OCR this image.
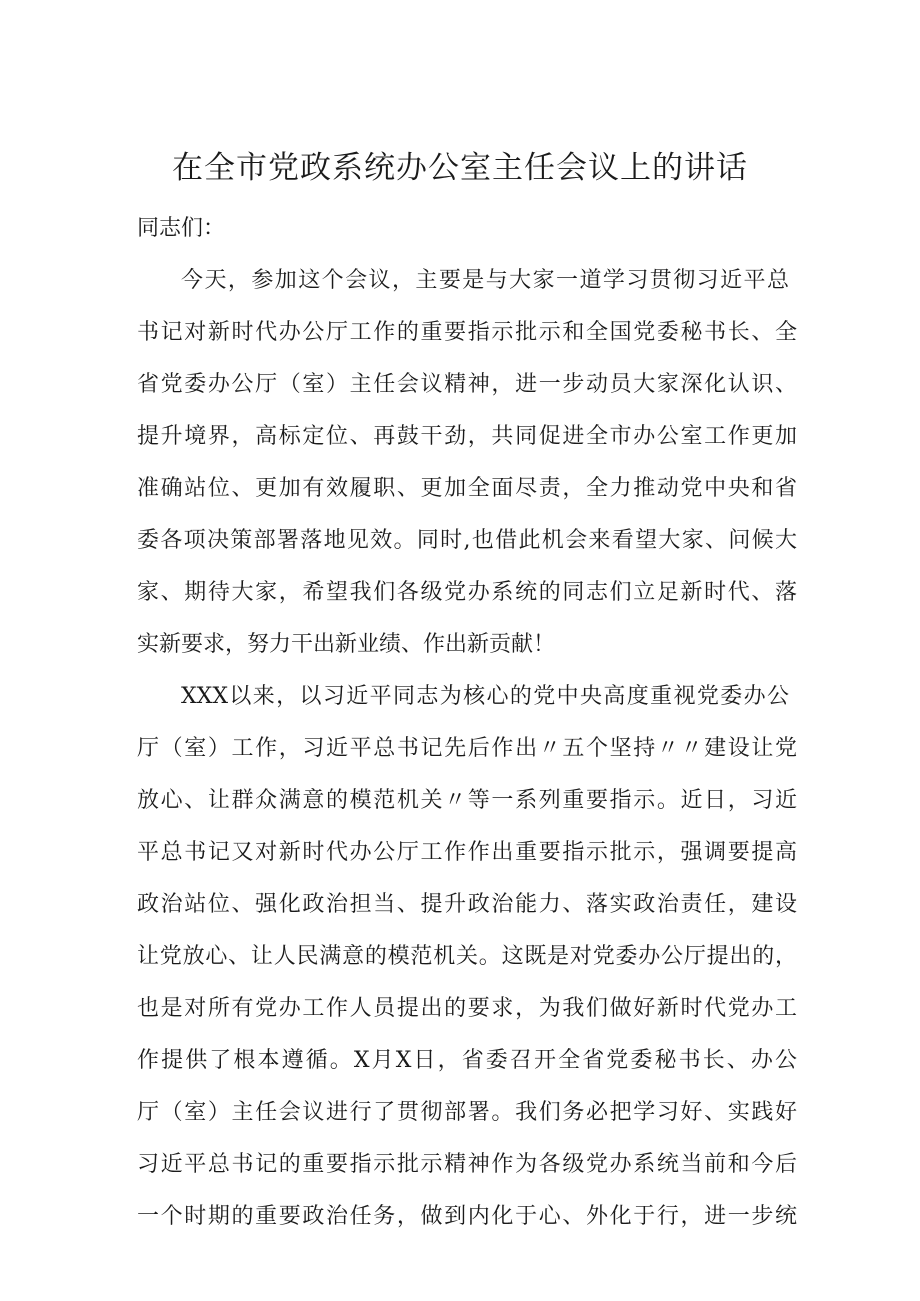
在全市党政系统办公室主任会议上的讲话
同志们：
今天，参加这个会议，主要是与大家一道学习贯彻习近平总
书记对新时代办公厅工作的重要指示批示和全国党委秘书长、全
省党委办公厅（室）主任会议精神，进一步动员大家深化认识、
提升境界，高标定位、再鼓干劲，共同促进全市办公室工作更加
准确站位、更加有效履职、更加全面尽责，全力推动党中央和省
委各项决策部署落地见效。同时,也借此机会来看望大家、问候大
家、期待大家，希望我们各级党办系统的同志们立足新时代、落
实新要求，努力干出新业绩、作出新贡献！
XXX以来，以习近平同志为核心的党中央高度重视党委办公
厅（室）工作，习近平总书记先后作出〃五个坚持〃〃建设让党
放心、让群众满意的模范机关〃等一系列重要指示。近日，习近
平总书记又对新时代办公厅工作作出重要指示批示，强调要提高
政治站位、强化政治担当、提升政治能力、落实政治责任，建设
让党放心、让人民满意的模范机关。这既是对党委办公厅提出的，
也是对所有党办工作人员提出的要求，为我们做好新时代党办工
作提供了根本遵循。X月X日，省委召开全省党委秘书长、办公
厅（室）主任会议进行了贯彻部署。我们务必把学习好、实践好
习近平总书记的重要指示批示精神作为各级党办系统当前和今后
一个时期的重要政治任务，做到内化于心、外化于行，进一步统
